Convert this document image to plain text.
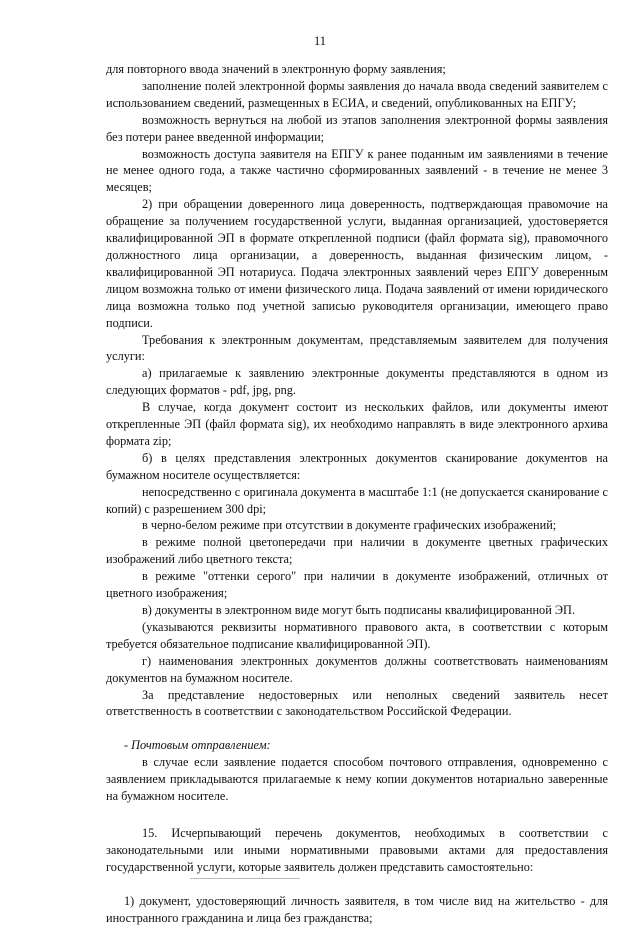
11

для повторного ввода значений в электронную форму заявления;

заполнение полей электронной формы заявления до начала ввода сведений заявителем с использованием сведений, размещенных в ЕСИА, и сведений, опубликованных на ЕПГУ;

возможность вернуться на любой из этапов заполнения электронной формы заявления без потери ранее введенной информации;

возможность доступа заявителя на ЕПГУ к ранее поданным им заявлениями в течение не менее одного года, а также частично сформированных заявлений - в течение не менее 3 месяцев;

2) при обращении доверенного лица доверенность, подтверждающая правомочие на обращение за получением государственной услуги, выданная организацией, удостоверяется квалифицированной ЭП в формате открепленной подписи (файл формата sig), правомочного должностного лица организации, а доверенность, выданная физическим лицом, - квалифицированной ЭП нотариуса. Подача электронных заявлений через ЕПГУ доверенным лицом возможна только от имени физического лица. Подача заявлений от имени юридического лица возможна только под учетной записью руководителя организации, имеющего право подписи.

Требования к электронным документам, представляемым заявителем для получения услуги:

а) прилагаемые к заявлению электронные документы представляются в одном из следующих форматов - pdf, jpg, png.

В случае, когда документ состоит из нескольких файлов, или документы имеют открепленные ЭП (файл формата sig), их необходимо направлять в виде электронного архива формата zip;

б) в целях представления электронных документов сканирование документов на бумажном носителе осуществляется:

непосредственно с оригинала документа в масштабе 1:1 (не допускается сканирование с копий) с разрешением 300 dpi;

в черно-белом режиме при отсутствии в документе графических изображений;

в режиме полной цветопередачи при наличии в документе цветных графических изображений либо цветного текста;

в режиме "оттенки серого" при наличии в документе изображений, отличных от цветного изображения;

в) документы в электронном виде могут быть подписаны квалифицированной ЭП.

(указываются реквизиты нормативного правового акта, в соответствии с которым требуется обязательное подписание квалифицированной ЭП).

г) наименования электронных документов должны соответствовать наименованиям документов на бумажном носителе.

За представление недостоверных или неполных сведений заявитель несет ответственность в соответствии с законодательством Российской Федерации.

- Почтовым отправлением:

в случае если заявление подается способом почтового отправления, одновременно с заявлением прикладываются прилагаемые к нему копии документов нотариально заверенные на бумажном носителе.

15. Исчерпывающий перечень документов, необходимых в соответствии с законодательными или иными нормативными правовыми актами для предоставления государственной услуги, которые заявитель должен представить самостоятельно:

1) документ, удостоверяющий личность заявителя, в том числе вид на жительство - для иностранного гражданина и лица без гражданства;
